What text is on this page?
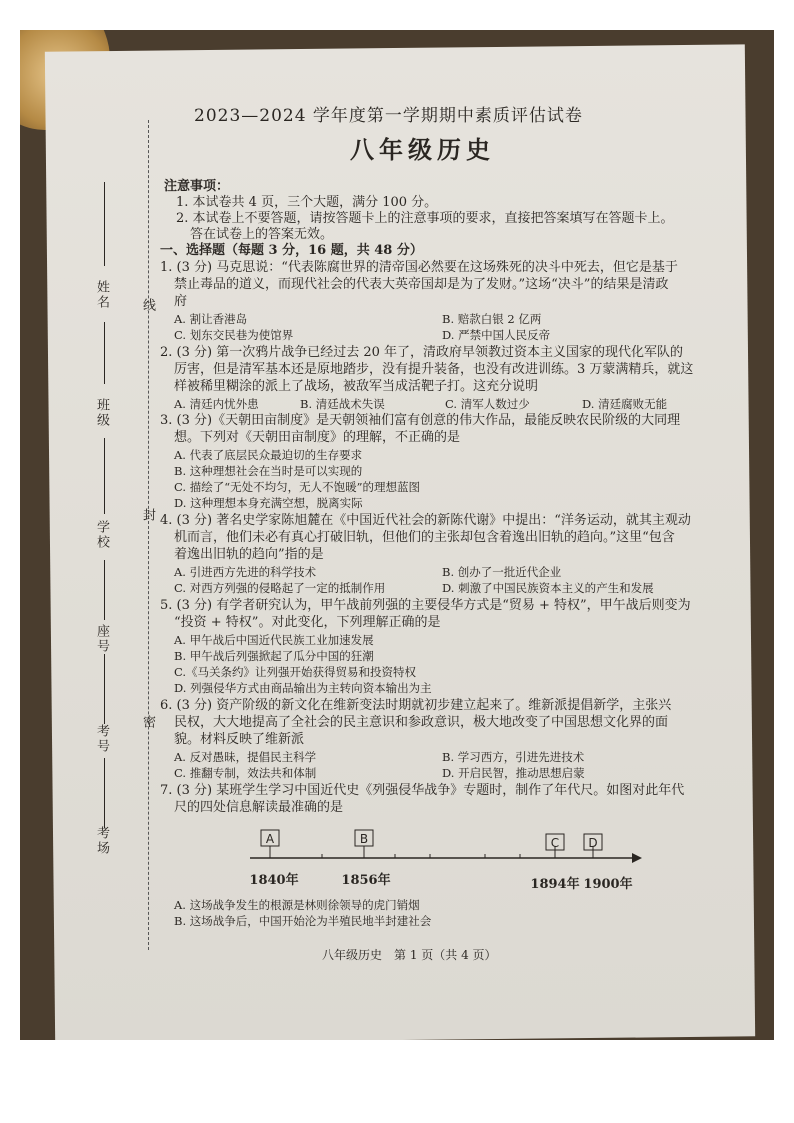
2023—2024 学年度第一学期期中素质评估试卷
八年级历史
线
封
密
姓名
班级
学校
座号
考号
考场
注意事项：
1. 本试卷共 4 页，三个大题，满分 100 分。
2. 本试卷上不要答题，请按答题卡上的注意事项的要求，直接把答案填写在答题卡上。
答在试卷上的答案无效。
一、选择题（每题 3 分，16 题，共 48 分）
1. (3 分) 马克思说：“代表陈腐世界的清帝国必然要在这场殊死的决斗中死去，但它是基于
禁止毒品的道义，而现代社会的代表大英帝国却是为了发财。”这场“决斗”的结果是清政
府
A. 割让香港岛	B. 赔款白银 2 亿两
C. 划东交民巷为使馆界	D. 严禁中国人民反帝
2. (3 分) 第一次鸦片战争已经过去 20 年了，清政府早领教过资本主义国家的现代化军队的
厉害，但是清军基本还是原地踏步，没有提升装备，也没有改进训练。3 万蒙满精兵，就这
样被稀里糊涂的派上了战场，被敌军当成活靶子打。这充分说明
A. 清廷内忧外患	B. 清廷战术失误	C. 清军人数过少	D. 清廷腐败无能
3. (3 分)《天朝田亩制度》是天朝领袖们富有创意的伟大作品，最能反映农民阶级的大同理
想。下列对《天朝田亩制度》的理解，不正确的是
A. 代表了底层民众最迫切的生存要求
B. 这种理想社会在当时是可以实现的
C. 描绘了“无处不均匀，无人不饱暖”的理想蓝图
D. 这种理想本身充满空想，脱离实际
4. (3 分) 著名史学家陈旭麓在《中国近代社会的新陈代谢》中提出：“洋务运动，就其主观动
机而言，他们未必有真心打破旧轨，但他们的主张却包含着逸出旧轨的趋向。”这里“包含
着逸出旧轨的趋向”指的是
A. 引进西方先进的科学技术	B. 创办了一批近代企业
C. 对西方列强的侵略起了一定的抵制作用	D. 刺激了中国民族资本主义的产生和发展
5. (3 分) 有学者研究认为，甲午战前列强的主要侵华方式是“贸易 + 特权”，甲午战后则变为
“投资 + 特权”。对此变化，下列理解正确的是
A. 甲午战后中国近代民族工业加速发展
B. 甲午战后列强掀起了瓜分中国的狂潮
C.《马关条约》让列强开始获得贸易和投资特权
D. 列强侵华方式由商品输出为主转向资本输出为主
6. (3 分) 资产阶级的新文化在维新变法时期就初步建立起来了。维新派提倡新学，主张兴
民权，大大地提高了全社会的民主意识和参政意识，极大地改变了中国思想文化界的面
貌。材料反映了维新派
A. 反对愚昧，提倡民主科学	B. 学习西方，引进先进技术
C. 推翻专制，效法共和体制	D. 开启民智，推动思想启蒙
7. (3 分) 某班学生学习中国近代史《列强侵华战争》专题时，制作了年代尺。如图对此年代
尺的四处信息解读最准确的是
A	B	C D
1840年	1856年	1894年 1900年
A. 这场战争发生的根源是林则徐领导的虎门销烟
B. 这场战争后，中国开始沦为半殖民地半封建社会
八年级历史　第 1 页（共 4 页）
